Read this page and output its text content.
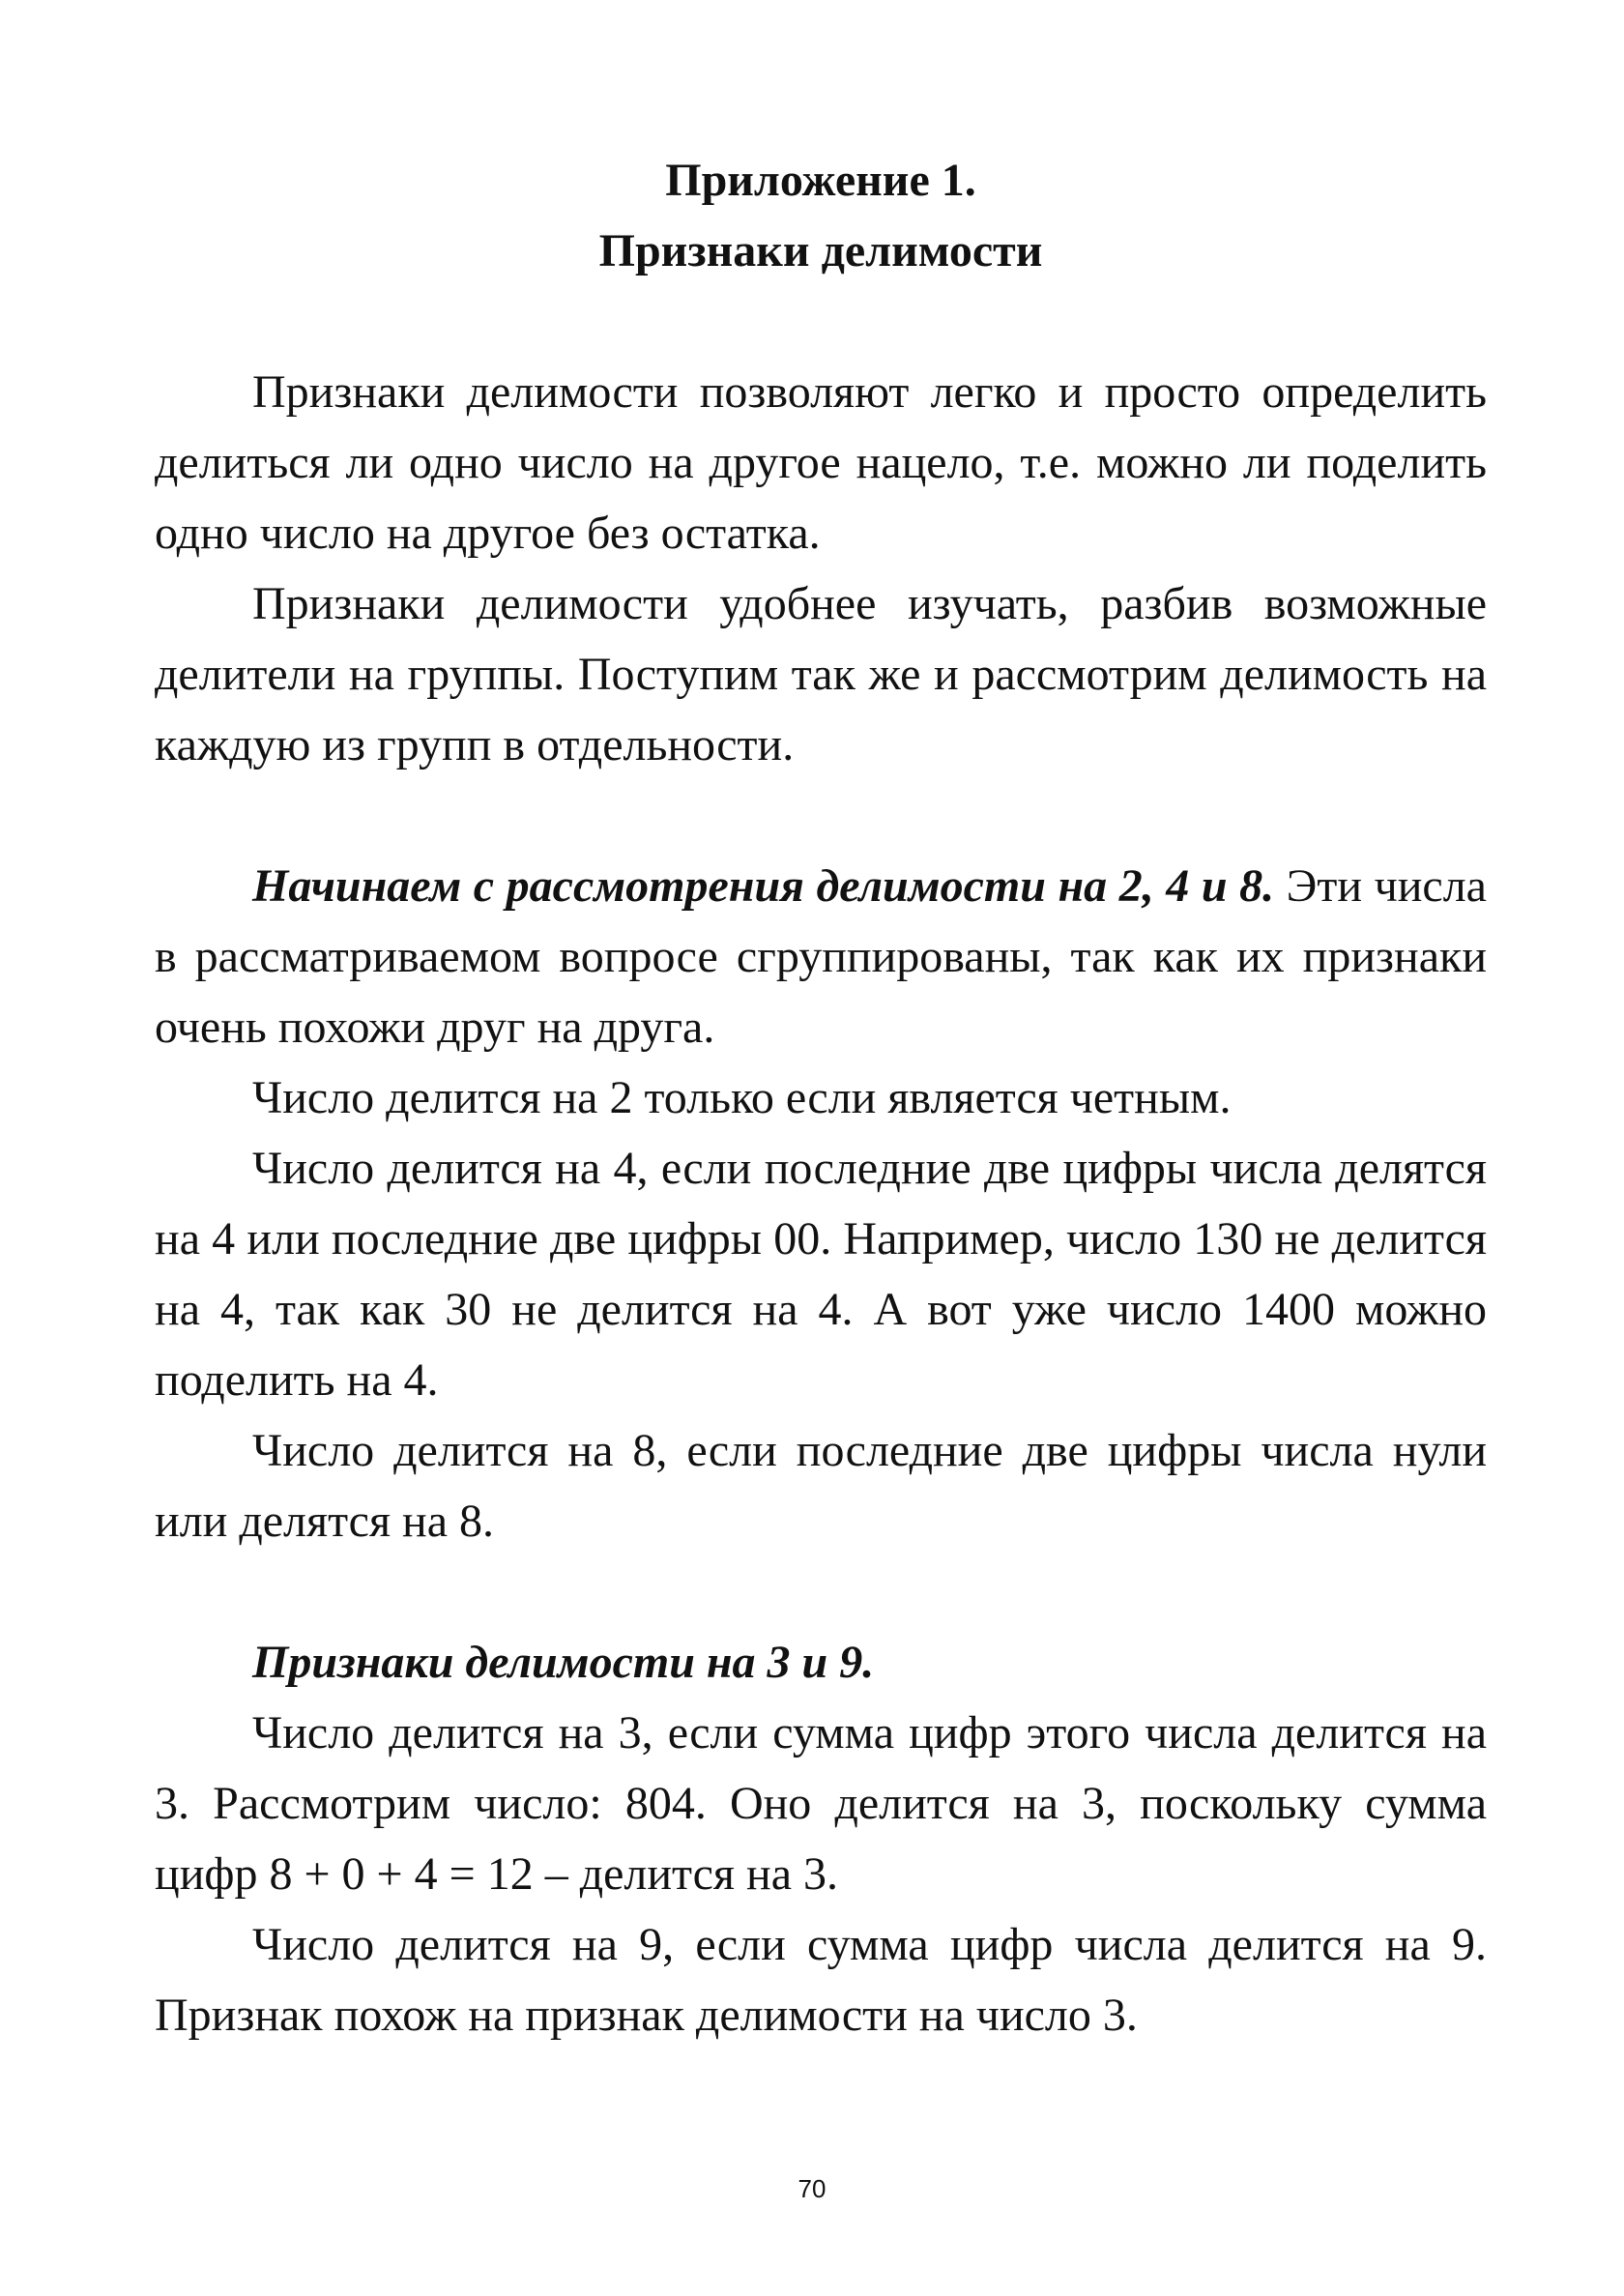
Приложение 1.

Признаки делимости

Признаки делимости позволяют легко и просто определить делиться ли одно число на другое нацело, т.е. можно ли поделить одно число на другое без остатка.

Признаки делимости удобнее изучать, разбив возможные делители на группы. Поступим так же и рассмотрим делимость на каждую из групп в отдельности.

Начинаем с рассмотрения делимости на 2, 4 и 8. Эти числа в рассматриваемом вопросе сгруппированы, так как их признаки очень похожи друг на друга.

Число делится на 2 только если является четным.

Число делится на 4, если последние две цифры числа делятся на 4 или последние две цифры 00. Например, число 130 не делится на 4, так как 30 не делится на 4. А вот уже число 1400 можно поделить на 4.

Число делится на 8, если последние две цифры числа нули или делятся на 8.

Признаки делимости на 3 и 9.

Число делится на 3, если сумма цифр этого числа делится на 3. Рассмотрим число: 804. Оно делится на 3, поскольку сумма цифр 8 + 0 + 4 = 12 – делится на 3.

Число делится на 9, если сумма цифр числа делится на 9. Признак похож на признак делимости на число 3.

70
